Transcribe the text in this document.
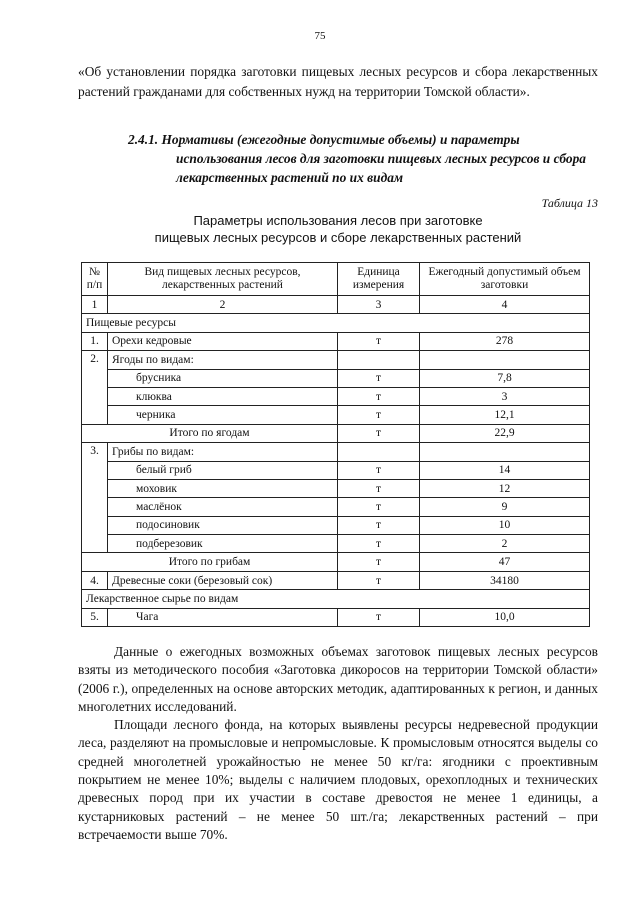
75
«Об установлении порядка заготовки пищевых лесных ресурсов и сбора лекарственных растений гражданами для собственных нужд на территории Томской области».
2.4.1. Нормативы (ежегодные допустимые объемы) и параметры
использования лесов для заготовки пищевых лесных ресурсов и сбора лекарственных растений по их видам
Таблица 13
Параметры использования лесов при заготовке
пищевых лесных ресурсов и сборе лекарственных растений
№ п/п	Вид пищевых лесных ресурсов, лекарственных растений	Единица измерения	Ежегодный допустимый объем заготовки
1	2	3	4
Пищевые ресурсы			
1.	Орехи кедровые	т	278
2.	Ягоды по видам:		
	брусника	т	7,8
	клюква	т	3
	черника	т	12,1
Итого по ягодам		т	22,9
3.	Грибы по видам:		
	белый гриб	т	14
	моховик	т	12
	маслёнок	т	9
	подосиновик	т	10
	подберезовик	т	2
Итого по грибам		т	47
4.	Древесные соки (березовый сок)	т	34180
Лекарственное сырье по видам			
5.	Чага	т	10,0

Данные о ежегодных возможных объемах заготовок пищевых лесных ресурсов взяты из методического пособия «Заготовка дикоросов на территории Томской области» (2006 г.), определенных на основе авторских методик, адаптированных к регион, и данных многолетних исследований.

Площади лесного фонда, на которых выявлены ресурсы недревесной продукции леса, разделяют на промысловые и непромысловые. К промысловым относятся выделы со средней многолетней урожайностью не менее 50 кг/га: ягодники с проективным покрытием не менее 10%; выделы с наличием плодовых, орехоплодных и технических древесных пород при их участии в составе древостоя не менее 1 единицы, а кустарниковых растений – не менее 50 шт./га; лекарственных растений – при встречаемости выше 70%.
